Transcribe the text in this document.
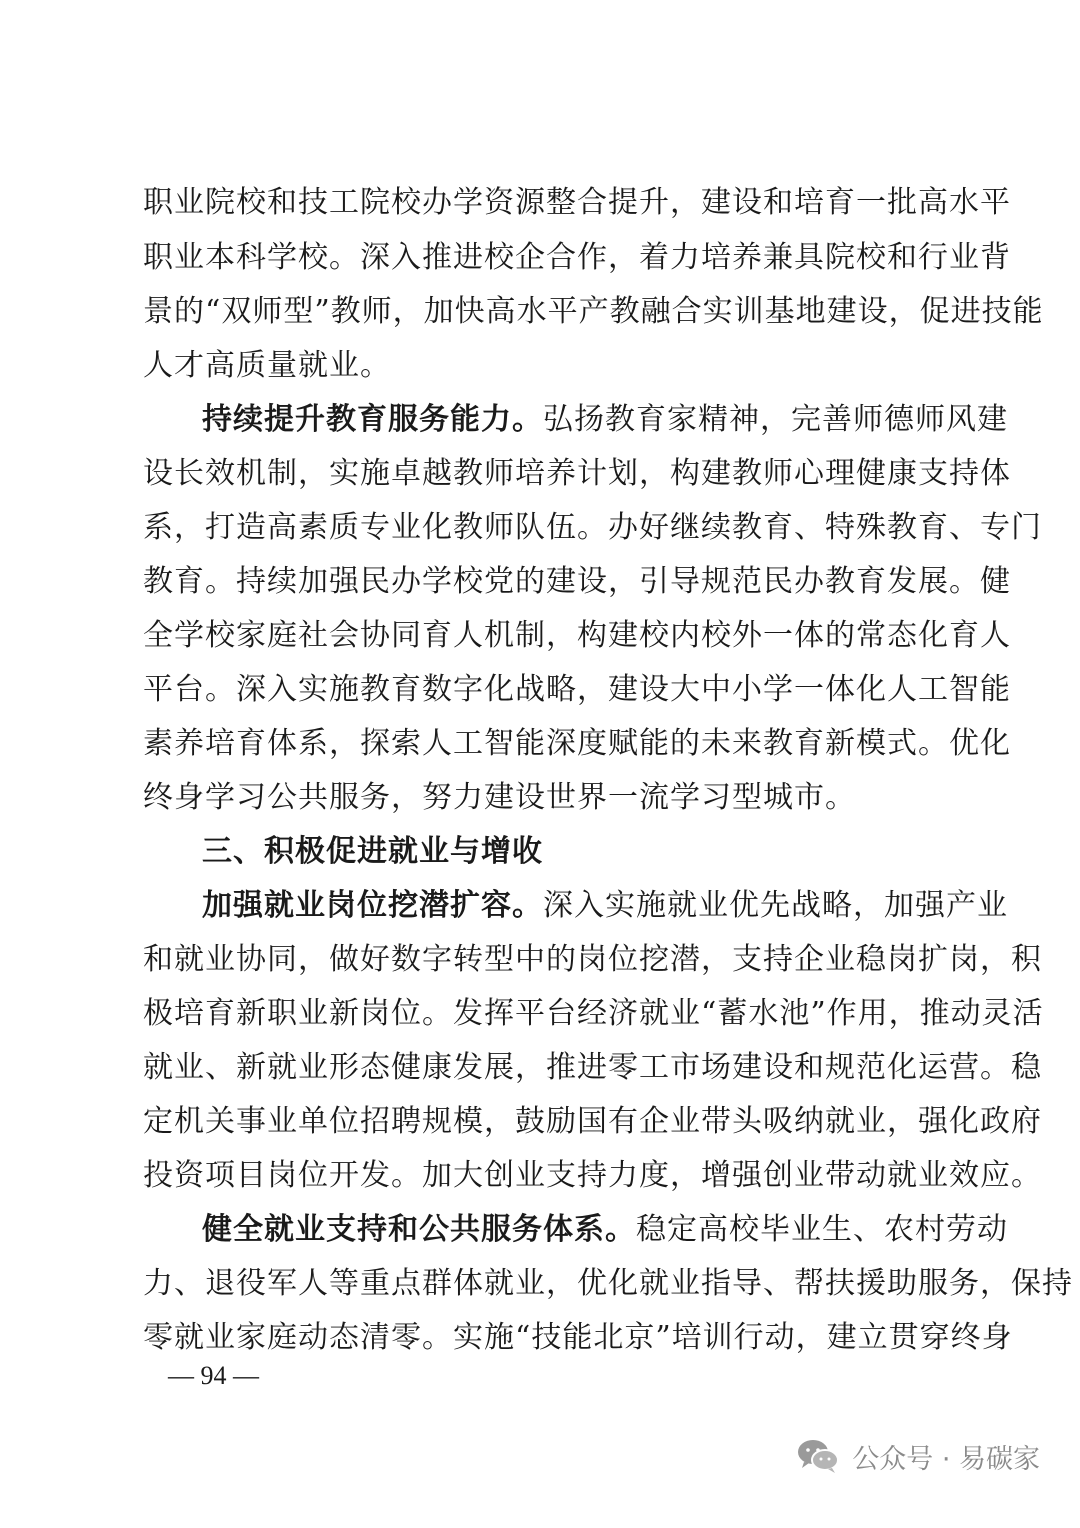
职业院校和技工院校办学资源整合提升，建设和培育一批高水平
职业本科学校。深入推进校企合作，着力培养兼具院校和行业背
景的“双师型”教师，加快高水平产教融合实训基地建设，促进技能
人才高质量就业。
持续提升教育服务能力。弘扬教育家精神，完善师德师风建
设长效机制，实施卓越教师培养计划，构建教师心理健康支持体
系，打造高素质专业化教师队伍。办好继续教育、特殊教育、专门
教育。持续加强民办学校党的建设，引导规范民办教育发展。健
全学校家庭社会协同育人机制，构建校内校外一体的常态化育人
平台。深入实施教育数字化战略，建设大中小学一体化人工智能
素养培育体系，探索人工智能深度赋能的未来教育新模式。优化
终身学习公共服务，努力建设世界一流学习型城市。
三、积极促进就业与增收
加强就业岗位挖潜扩容。深入实施就业优先战略，加强产业
和就业协同，做好数字转型中的岗位挖潜，支持企业稳岗扩岗，积
极培育新职业新岗位。发挥平台经济就业“蓄水池”作用，推动灵活
就业、新就业形态健康发展，推进零工市场建设和规范化运营。稳
定机关事业单位招聘规模，鼓励国有企业带头吸纳就业，强化政府
投资项目岗位开发。加大创业支持力度，增强创业带动就业效应。
健全就业支持和公共服务体系。稳定高校毕业生、农村劳动
力、退役军人等重点群体就业，优化就业指导、帮扶援助服务，保持
零就业家庭动态清零。实施“技能北京”培训行动，建立贯穿终身
— 94 —
公众号 · 易碳家
